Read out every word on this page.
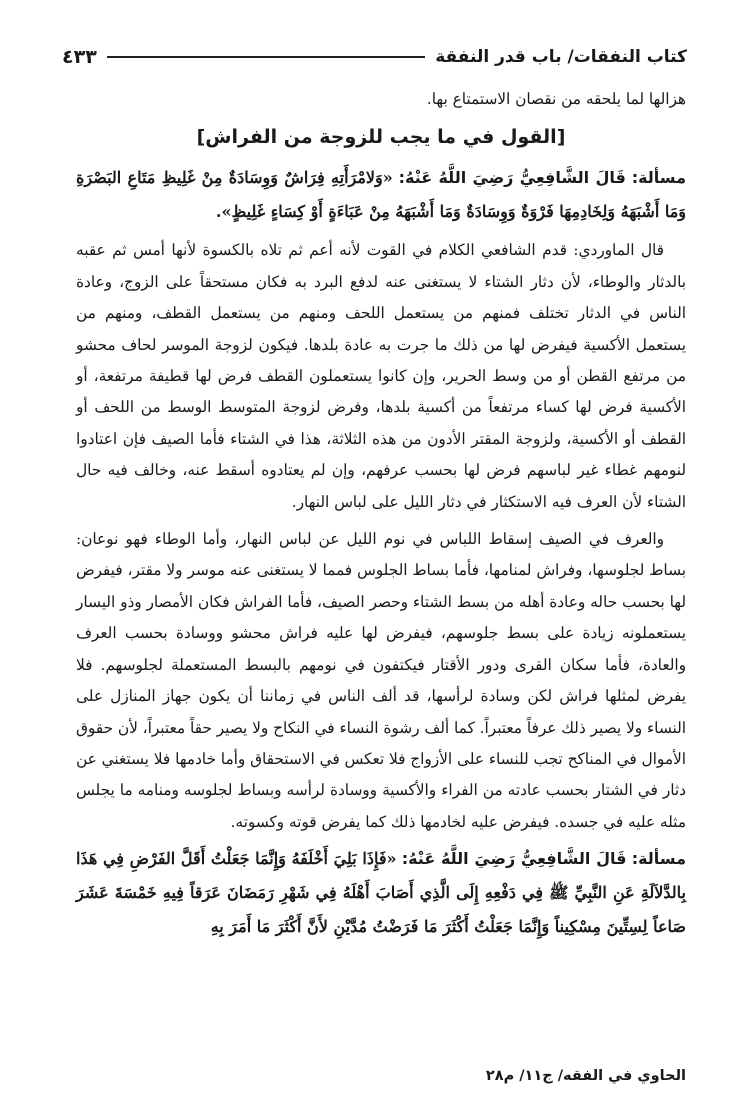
٤٣٣	كتاب النفقات/ باب قدر النفقة

هزالها لما يلحقه من نقصان الاستمتاع بها.

[القول في ما يجب للزوجة من الفراش]

مسألة: قَالَ الشَّافِعِيُّ رَضِيَ اللَّهُ عَنْهُ: «وَلامْرَأَتِهِ فِرَاشٌ وَوِسَادَةٌ مِنْ غَلِيظِ مَتَاعِ البَصْرَةِ وَمَا أَشْبَهَهُ وَلِخَادِمِهَا فَرْوَةٌ وَوِسَادَةٌ وَمَا أَشْبَهَهُ مِنْ عَبَاءَةٍ أَوْ كِسَاءٍ غَلِيظٍ».

قال الماوردي: قدم الشافعي الكلام في القوت لأنه أعم ثم تلاه بالكسوة لأنها أمس ثم عقبه بالدثار والوطاء، لأن دثار الشتاء لا يستغنى عنه لدفع البرد به فكان مستحقاً على الزوج، وعادة الناس في الدثار تختلف فمنهم من يستعمل اللحف ومنهم من يستعمل القطف، ومنهم من يستعمل الأكسية فيفرض لها من ذلك ما جرت به عادة بلدها. فيكون لزوجة الموسر لحاف محشو من مرتفع القطن أو من وسط الحرير، وإن كانوا يستعملون القطف فرض لها قطيفة مرتفعة، أو الأكسية فرض لها كساء مرتفعاً من أكسية بلدها، وفرض لزوجة المتوسط الوسط من اللحف أو القطف أو الأكسية، ولزوجة المقتر الأدون من هذه الثلاثة، هذا في الشتاء فأما الصيف فإن اعتادوا لنومهم غطاء غير لباسهم فرض لها بحسب عرفهم، وإن لم يعتادوه أسقط عنه، وخالف فيه حال الشتاء لأن العرف فيه الاستكثار في دثار الليل على لباس النهار.

والعرف في الصيف إسقاط اللباس في نوم الليل عن لباس النهار، وأما الوطاء فهو نوعان: بساط لجلوسها، وفراش لمنامها، فأما بساط الجلوس فمما لا يستغنى عنه موسر ولا مقتر، فيفرض لها بحسب حاله وعادة أهله من بسط الشتاء وحصر الصيف، فأما الفراش فكان الأمصار وذو اليسار يستعملونه زيادة على بسط جلوسهم، فيفرض لها عليه فراش محشو ووسادة بحسب العرف والعادة، فأما سكان القرى ودور الأقتار فيكتفون في نومهم بالبسط المستعملة لجلوسهم. فلا يفرض لمثلها فراش لكن وسادة لرأسها، قد ألف الناس في زماننا أن يكون جهاز المنازل على النساء ولا يصير ذلك عرفاً معتبراً. كما ألف رشوة النساء في النكاح ولا يصير حقاً معتبراً، لأن حقوق الأموال في المناكح تجب للنساء على الأزواج فلا تعكس في الاستحقاق وأما خادمها فلا يستغني عن دثار في الشتار بحسب عادته من الفراء والأكسية ووسادة لرأسه وبساط لجلوسه ومنامه ما يجلس مثله عليه في جسده. فيفرض عليه لخادمها ذلك كما يفرض قوته وكسوته.

مسألة: قَالَ الشَّافِعِيُّ رَضِيَ اللَّهُ عَنْهُ: «فَإِذَا بَلِيَ أَخْلَفَهُ وَإِنَّمَا جَعَلْتُ أَقَلَّ الفَرْضِ فِي هَذَا بِالدَّلاَلَةِ عَنِ النَّبِيِّ ﷺ فِي دَفْعِهِ إِلَى الَّذِي أَصَابَ أَهْلَهُ فِي شَهْرِ رَمَضَانَ عَرَقاً فِيهِ خَمْسَةَ عَشَرَ صَاعاً لِسِتِّينَ مِسْكِيناً وَإِنَّمَا جَعَلْتُ أَكْثَرَ مَا فَرَضْتُ مُدَّيْنِ لأَنَّ أَكْثَرَ مَا أَمَرَ بِهِ

الحاوي في الفقه/ ج١١/ م٢٨
